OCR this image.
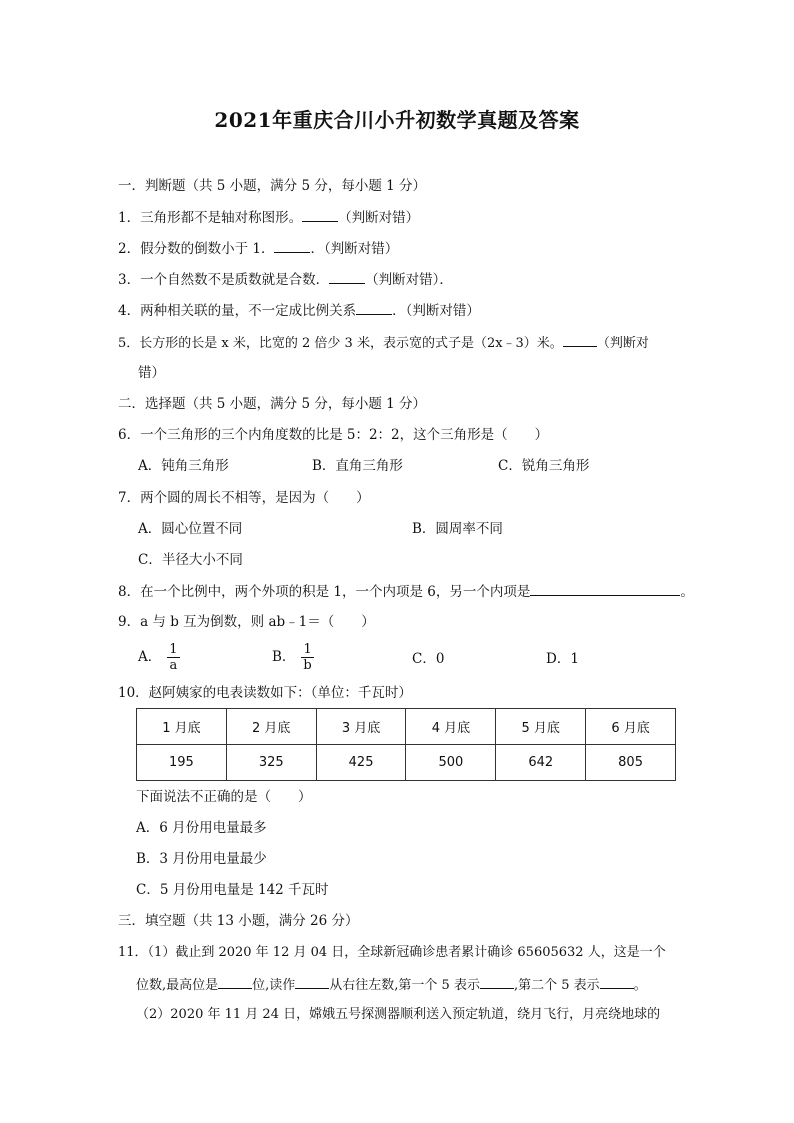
2021年重庆合川小升初数学真题及答案
一．判断题（共 5 小题，满分 5 分，每小题 1 分）
1．三角形都不是轴对称图形。	（判断对错）
2．假分数的倒数小于 1．	．（判断对错）
3．一个自然数不是质数就是合数．	（判断对错）．
4．两种相关联的量，不一定成比例关系	．（判断对错）
5．长方形的长是 x 米，比宽的 2 倍少 3 米，表示宽的式子是（2x﹣3）米。	（判断对
错）
二．选择题（共 5 小题，满分 5 分，每小题 1 分）
6．一个三角形的三个内角度数的比是 5：2：2，这个三角形是（　　）
A．钝角三角形	B．直角三角形	C．锐角三角形
7．两个圆的周长不相等，是因为（　　）
A．圆心位置不同	B．圆周率不同
C．半径大小不同
8．在一个比例中，两个外项的积是 1，一个内项是 6，另一个内项是	。
9．a 与 b 互为倒数，则 ab﹣1＝（　　）
A． $\frac{1}{a}$	B． $\frac{1}{b}$	C．0	D．1
10．赵阿姨家的电表读数如下：（单位：千瓦时）
1 月底	2 月底	3 月底	4 月底	5 月底	6 月底
195	325	425	500	642	805
下面说法不正确的是（　　）
A．6 月份用电量最多
B．3 月份用电量最少
C．5 月份用电量是 142 千瓦时
三．填空题（共 13 小题，满分 26 分）
11．（1）截止到 2020 年 12 月 04 日，全球新冠确诊患者累计确诊 65605632 人，这是一个
位数,最高位是	位,读作	从右往左数,第一个 5 表示	,第二个 5 表示	。
（2）2020 年 11 月 24 日，嫦娥五号探测器顺利送入预定轨道，绕月飞行，月亮绕地球的
